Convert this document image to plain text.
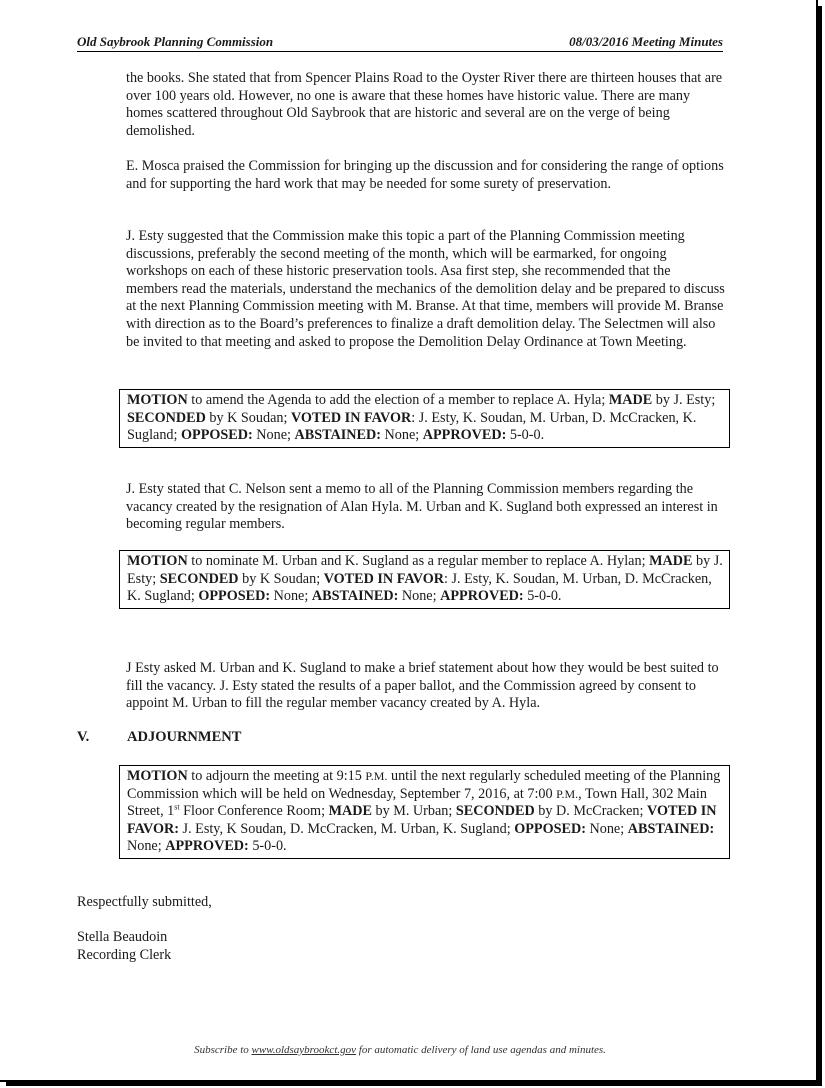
Old Saybrook Planning Commission	08/03/2016 Meeting Minutes

the books. She stated that from Spencer Plains Road to the Oyster River there are thirteen houses that are over 100 years old. However, no one is aware that these homes have historic value. There are many homes scattered throughout Old Saybrook that are historic and several are on the verge of being demolished.

E. Mosca praised the Commission for bringing up the discussion and for considering the range of options and for supporting the hard work that may be needed for some surety of preservation.

J. Esty suggested that the Commission make this topic a part of the Planning Commission meeting discussions, preferably the second meeting of the month, which will be earmarked, for ongoing workshops on each of these historic preservation tools. Asa first step, she recommended that the members read the materials, understand the mechanics of the demolition delay and be prepared to discuss at the next Planning Commission meeting with M. Branse. At that time, members will provide M. Branse with direction as to the Board’s preferences to finalize a draft demolition delay. The Selectmen will also be invited to that meeting and asked to propose the Demolition Delay Ordinance at Town Meeting.

MOTION to amend the Agenda to add the election of a member to replace A. Hyla; MADE by J. Esty; SECONDED by K Soudan; VOTED IN FAVOR: J. Esty, K. Soudan, M. Urban, D. McCracken, K. Sugland; OPPOSED: None; ABSTAINED: None; APPROVED: 5-0-0.

J. Esty stated that C. Nelson sent a memo to all of the Planning Commission members regarding the vacancy created by the resignation of Alan Hyla. M. Urban and K. Sugland both expressed an interest in becoming regular members.

MOTION to nominate M. Urban and K. Sugland as a regular member to replace A. Hylan; MADE by J. Esty; SECONDED by K Soudan; VOTED IN FAVOR: J. Esty, K. Soudan, M. Urban, D. McCracken, K. Sugland; OPPOSED: None; ABSTAINED: None; APPROVED: 5-0-0.

J Esty asked M. Urban and K. Sugland to make a brief statement about how they would be best suited to fill the vacancy. J. Esty stated the results of a paper ballot, and the Commission agreed by consent to appoint M. Urban to fill the regular member vacancy created by A. Hyla.

V.	ADJOURNMENT
MOTION to adjourn the meeting at 9:15 P.M. until the next regularly scheduled meeting of the Planning Commission which will be held on Wednesday, September 7, 2016, at 7:00 P.M., Town Hall, 302 Main Street, 1st Floor Conference Room; MADE by M. Urban; SECONDED by D. McCracken; VOTED IN FAVOR: J. Esty, K Soudan, D. McCracken, M. Urban, K. Sugland; OPPOSED: None; ABSTAINED: None; APPROVED: 5-0-0.
Respectfully submitted,
Stella Beaudoin
Recording Clerk
Subscribe to www.oldsaybrookct.gov for automatic delivery of land use agendas and minutes.
